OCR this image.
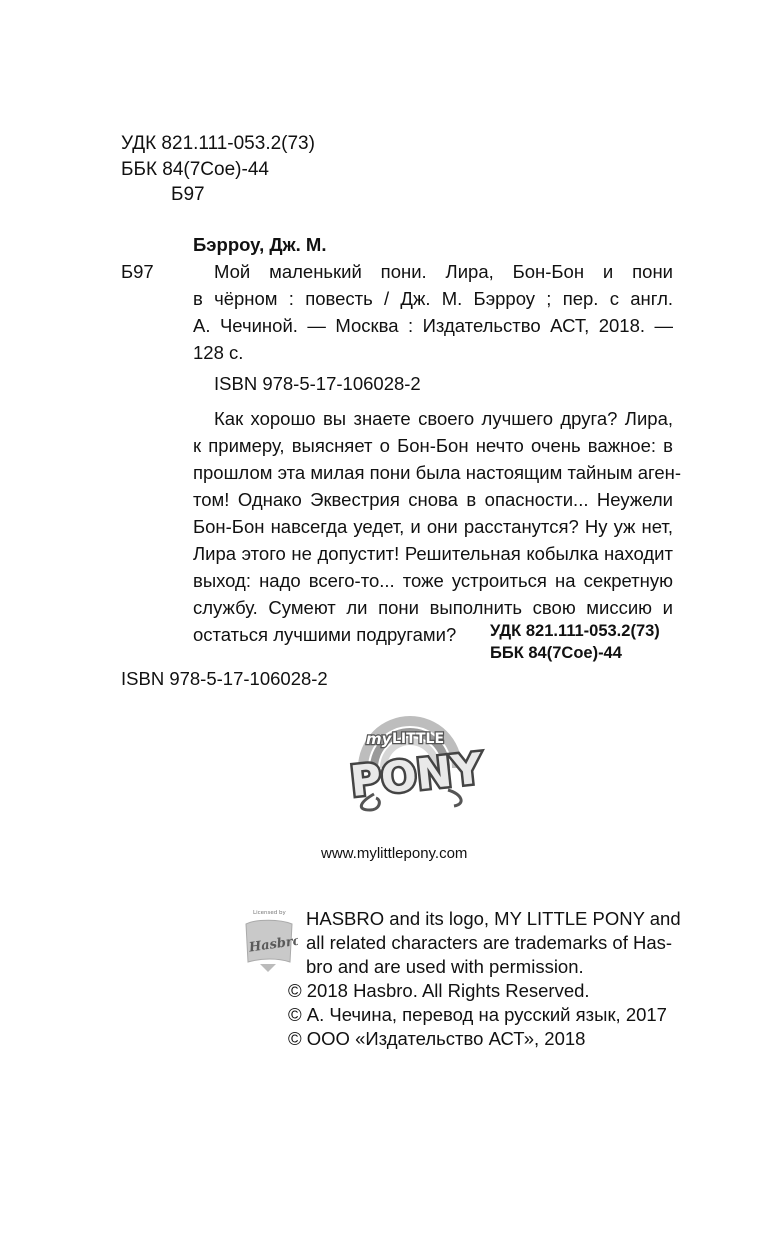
УДК 821.111-053.2(73)
ББК 84(7Сое)-44
Б97
Бэрроу, Дж. М.
Б97	Мой маленький пони. Лира, Бон-Бон и пони
в чёрном : повесть / Дж. М. Бэрроу ; пер. с англ.
А. Чечиной. — Москва : Издательство АСТ, 2018. —
128 с.
ISBN 978-5-17-106028-2
Как хорошо вы знаете своего лучшего друга? Лира,
к примеру, выясняет о Бон-Бон нечто очень важное: в
прошлом эта милая пони была настоящим тайным аген-
том! Однако Эквестрия снова в опасности... Неужели
Бон-Бон навсегда уедет, и они расстанутся? Ну уж нет,
Лира этого не допустит! Решительная кобылка находит
выход: надо всего-то... тоже устроиться на секретную
службу. Сумеют ли пони выполнить свою миссию и
остаться лучшими подругами? УДК 821.111-053.2(73)
ББК 84(7Сое)-44
ISBN 978-5-17-106028-2
my LITTLE
PONY
www.mylittlepony.com
Licensed by
Hasbro
HASBRO and its logo, MY LITTLE PONY and
all related characters are trademarks of Has-
bro and are used with permission.
© 2018 Hasbro. All Rights Reserved.
© А. Чечина, перевод на русский язык, 2017
© ООО «Издательство АСТ», 2018
